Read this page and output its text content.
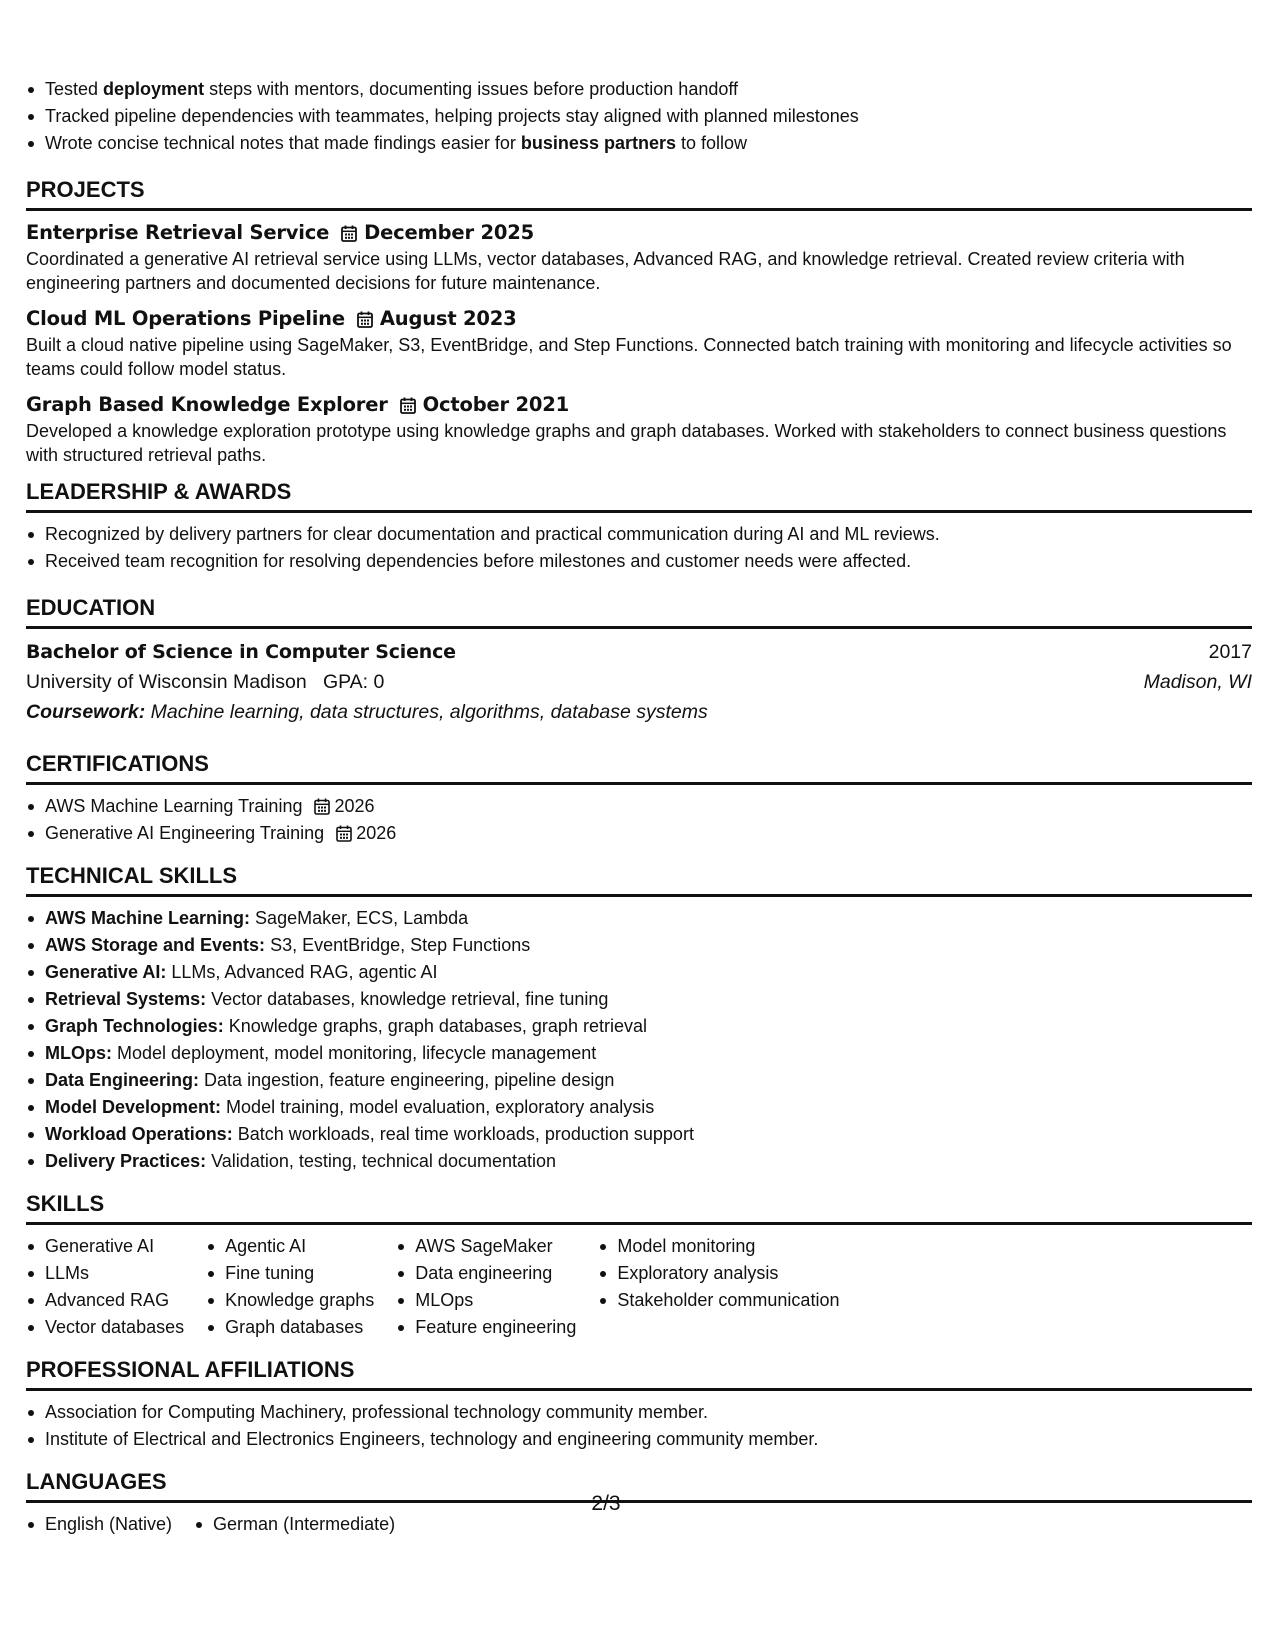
Tested deployment steps with mentors, documenting issues before production handoff
Tracked pipeline dependencies with teammates, helping projects stay aligned with planned milestones
Wrote concise technical notes that made findings easier for business partners to follow
PROJECTS
Enterprise Retrieval Service December 2025
Coordinated a generative AI retrieval service using LLMs, vector databases, Advanced RAG, and knowledge retrieval. Created review criteria with engineering partners and documented decisions for future maintenance.
Cloud ML Operations Pipeline August 2023
Built a cloud native pipeline using SageMaker, S3, EventBridge, and Step Functions. Connected batch training with monitoring and lifecycle activities so teams could follow model status.
Graph Based Knowledge Explorer October 2021
Developed a knowledge exploration prototype using knowledge graphs and graph databases. Worked with stakeholders to connect business questions with structured retrieval paths.
LEADERSHIP & AWARDS
Recognized by delivery partners for clear documentation and practical communication during AI and ML reviews.
Received team recognition for resolving dependencies before milestones and customer needs were affected.
EDUCATION
Bachelor of Science in Computer Science	2017
University of Wisconsin Madison GPA: 0	Madison, WI
Coursework: Machine learning, data structures, algorithms, database systems
CERTIFICATIONS
AWS Machine Learning Training 2026
Generative AI Engineering Training 2026
TECHNICAL SKILLS
AWS Machine Learning: SageMaker, ECS, Lambda
AWS Storage and Events: S3, EventBridge, Step Functions
Generative AI: LLMs, Advanced RAG, agentic AI
Retrieval Systems: Vector databases, knowledge retrieval, fine tuning
Graph Technologies: Knowledge graphs, graph databases, graph retrieval
MLOps: Model deployment, model monitoring, lifecycle management
Data Engineering: Data ingestion, feature engineering, pipeline design
Model Development: Model training, model evaluation, exploratory analysis
Workload Operations: Batch workloads, real time workloads, production support
Delivery Practices: Validation, testing, technical documentation
SKILLS
Generative AI
LLMs
Advanced RAG
Vector databases
Agentic AI
Fine tuning
Knowledge graphs
Graph databases
AWS SageMaker
Data engineering
MLOps
Feature engineering
Model monitoring
Exploratory analysis
Stakeholder communication
PROFESSIONAL AFFILIATIONS
Association for Computing Machinery, professional technology community member.
Institute of Electrical and Electronics Engineers, technology and engineering community member.
LANGUAGES
English (Native)	German (Intermediate)
2/3
